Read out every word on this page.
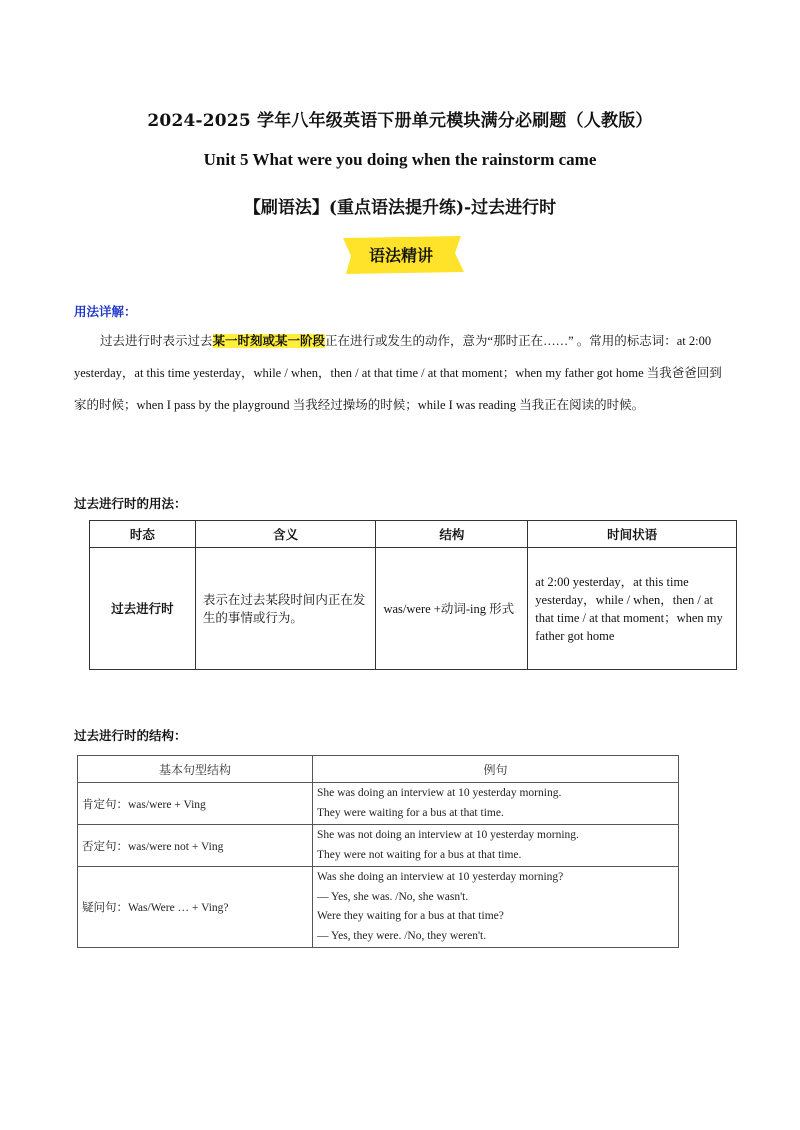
2024-2025 学年八年级英语下册单元模块满分必刷题（人教版）
Unit 5 What were you doing when the rainstorm came
【刷语法】(重点语法提升练)-过去进行时
语法精讲
用法详解：
过去进行时表示过去某一时刻或某一阶段正在进行或发生的动作，意为“那时正在……” 。常用的标志词：at 2:00 yesterday，at this time yesterday，while / when，then / at that time / at that moment；when my father got home 当我爸爸回到家的时候；when I pass by the playground 当我经过操场的时候；while I was reading 当我正在阅读的时候。
过去进行时的用法：
时态	含义	结构	时间状语
过去进行时	表示在过去某段时间内正在发生的事情或行为。	was/were +动词-ing 形式	at 2:00 yesterday，at this time yesterday，while / when，then / at that time / at that moment；when my father got home
过去进行时的结构：
基本句型结构	例句
肯定句：was/were + Ving	She was doing an interview at 10 yesterday morning.
They were waiting for a bus at that time.

否定句：was/were not + Ving	She was not doing an interview at 10 yesterday morning.
They were not waiting for a bus at that time.

疑问句：Was/Were … + Ving?	Was she doing an interview at 10 yesterday morning?
— Yes, she was. /No, she wasn't.
Were they waiting for a bus at that time?
— Yes, they were. /No, they weren't.
